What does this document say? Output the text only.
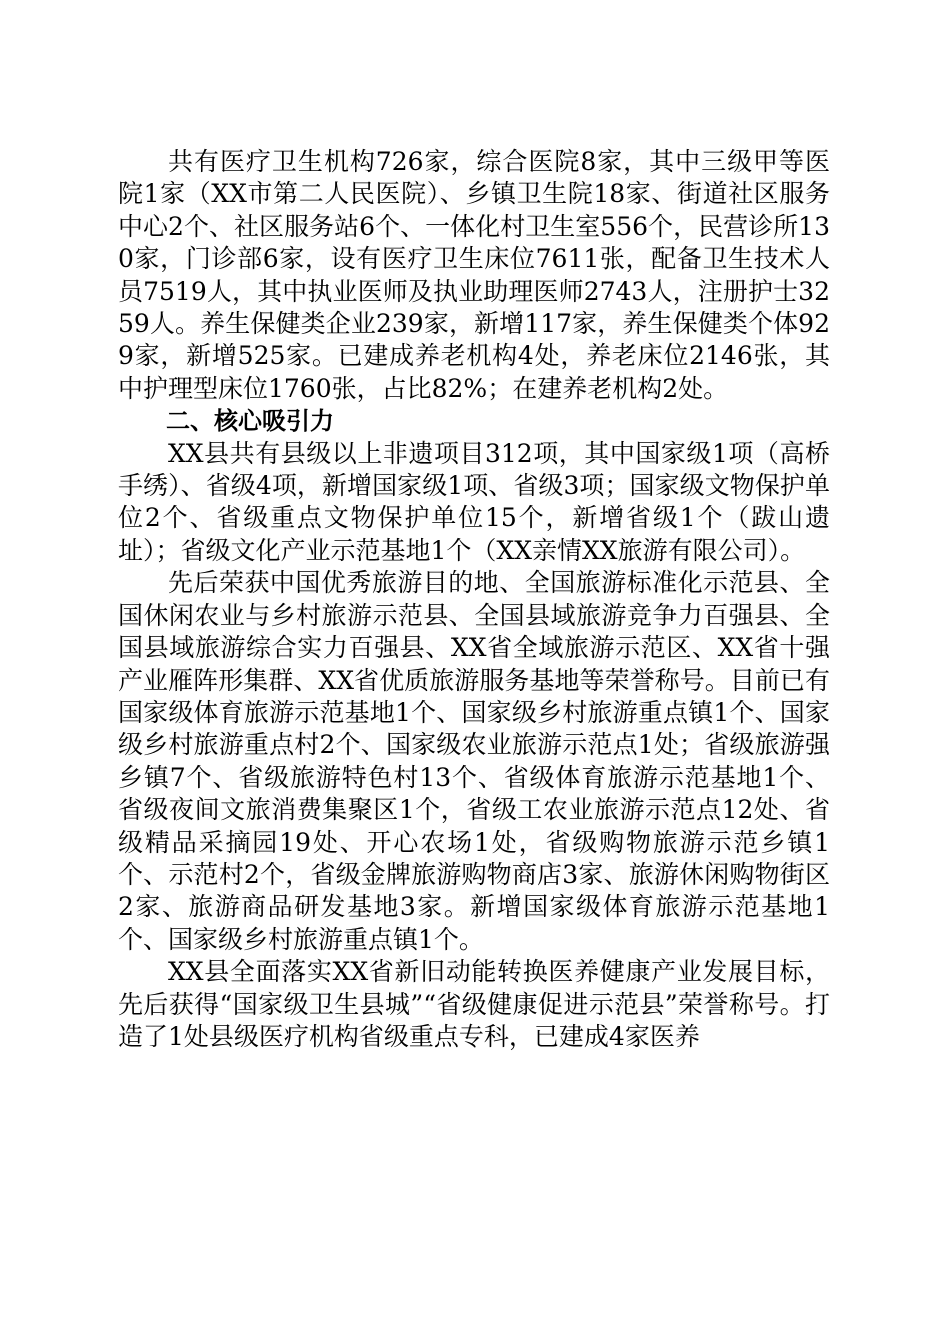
共有医疗卫生机构726家，综合医院8家，其中三级甲等医院1家（XX市第二人民医院）、乡镇卫生院18家、街道社区服务中心2个、社区服务站6个、一体化村卫生室556个，民营诊所130家，门诊部6家，设有医疗卫生床位7611张，配备卫生技术人员7519人，其中执业医师及执业助理医师2743人，注册护士3259人。养生保健类企业239家，新增117家，养生保健类个体929家，新增525家。已建成养老机构4处，养老床位2146张，其中护理型床位1760张，占比82%；在建养老机构2处。

二、核心吸引力

XX县共有县级以上非遗项目312项，其中国家级1项（高桥手绣）、省级4项，新增国家级1项、省级3项；国家级文物保护单位2个、省级重点文物保护单位15个，新增省级1个（跋山遗址）；省级文化产业示范基地1个（XX亲情XX旅游有限公司）。

先后荣获中国优秀旅游目的地、全国旅游标准化示范县、全国休闲农业与乡村旅游示范县、全国县域旅游竞争力百强县、全国县域旅游综合实力百强县、XX省全域旅游示范区、XX省十强产业雁阵形集群、XX省优质旅游服务基地等荣誉称号。目前已有国家级体育旅游示范基地1个、国家级乡村旅游重点镇1个、国家级乡村旅游重点村2个、国家级农业旅游示范点1处；省级旅游强乡镇7个、省级旅游特色村13个、省级体育旅游示范基地1个、省级夜间文旅消费集聚区1个，省级工农业旅游示范点12处、省级精品采摘园19处、开心农场1处，省级购物旅游示范乡镇1个、示范村2个，省级金牌旅游购物商店3家、旅游休闲购物街区2家、旅游商品研发基地3家。新增国家级体育旅游示范基地1个、国家级乡村旅游重点镇1个。

XX县全面落实XX省新旧动能转换医养健康产业发展目标，先后获得“国家级卫生县城”“省级健康促进示范县”荣誉称号。打造了1处县级医疗机构省级重点专科，已建成4家医养
